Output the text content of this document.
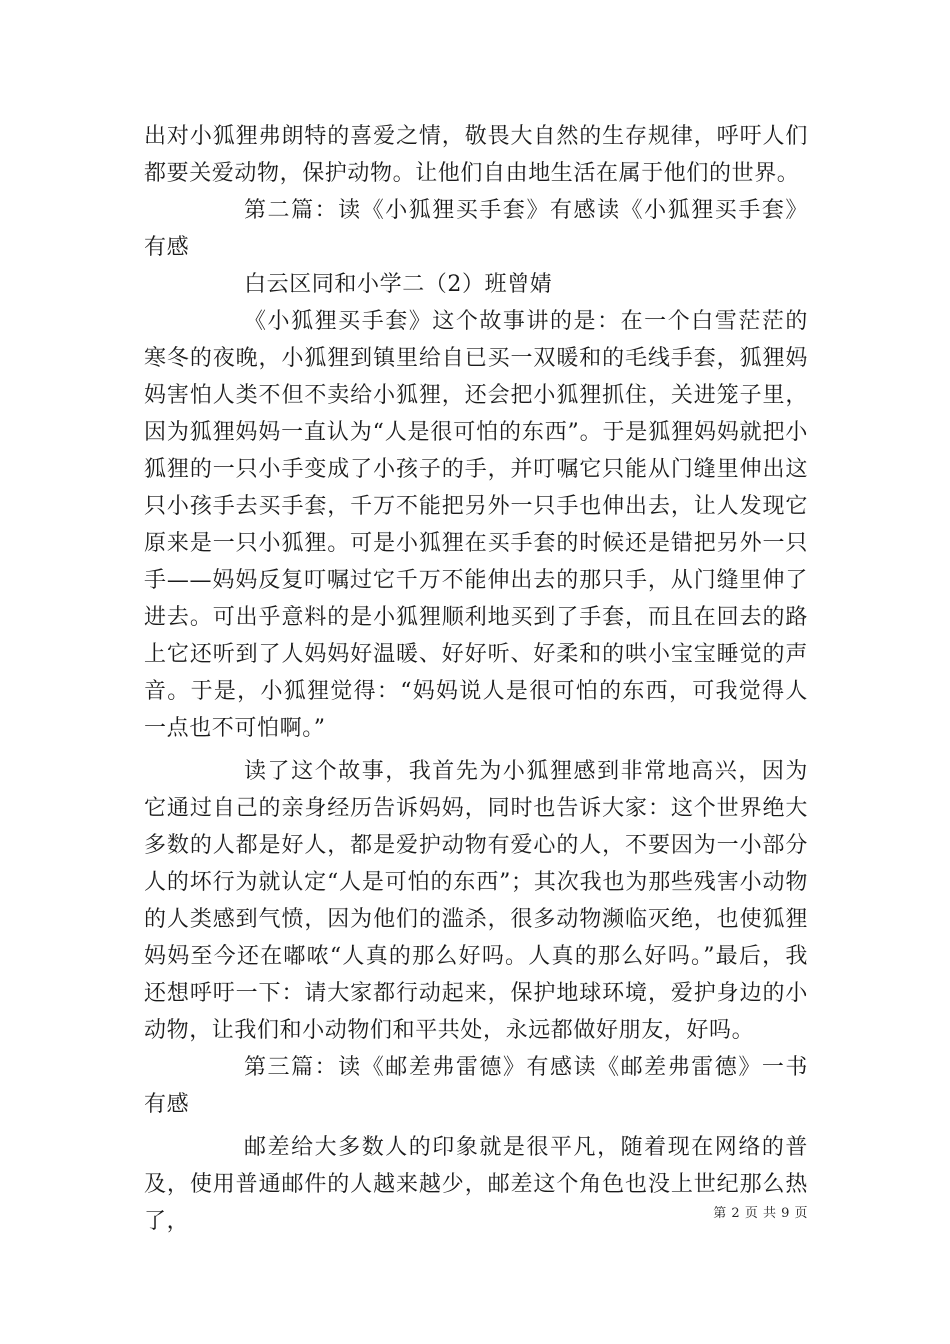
出对小狐狸弗朗特的喜爱之情，敬畏大自然的生存规律，呼吁人们都要关爱动物，保护动物。让他们自由地生活在属于他们的世界。

第二篇：读《小狐狸买手套》有感读《小狐狸买手套》有感

白云区同和小学二（2）班曾婧

《小狐狸买手套》这个故事讲的是：在一个白雪茫茫的寒冬的夜晚，小狐狸到镇里给自已买一双暖和的毛线手套，狐狸妈妈害怕人类不但不卖给小狐狸，还会把小狐狸抓住，关进笼子里，因为狐狸妈妈一直认为“人是很可怕的东西”。于是狐狸妈妈就把小狐狸的一只小手变成了小孩子的手，并叮嘱它只能从门缝里伸出这只小孩手去买手套，千万不能把另外一只手也伸出去，让人发现它原来是一只小狐狸。可是小狐狸在买手套的时候还是错把另外一只手——妈妈反复叮嘱过它千万不能伸出去的那只手，从门缝里伸了进去。可出乎意料的是小狐狸顺利地买到了手套，而且在回去的路上它还听到了人妈妈好温暖、好好听、好柔和的哄小宝宝睡觉的声音。于是，小狐狸觉得：“妈妈说人是很可怕的东西，可我觉得人一点也不可怕啊。”

读了这个故事，我首先为小狐狸感到非常地高兴，因为它通过自己的亲身经历告诉妈妈，同时也告诉大家：这个世界绝大多数的人都是好人，都是爱护动物有爱心的人，不要因为一小部分人的坏行为就认定“人是可怕的东西”；其次我也为那些残害小动物的人类感到气愤，因为他们的滥杀，很多动物濒临灭绝，也使狐狸妈妈至今还在嘟哝“人真的那么好吗。人真的那么好吗。”最后，我还想呼吁一下：请大家都行动起来，保护地球环境，爱护身边的小动物，让我们和小动物们和平共处，永远都做好朋友，好吗。

第三篇：读《邮差弗雷德》有感读《邮差弗雷德》一书有感

邮差给大多数人的印象就是很平凡，随着现在网络的普及，使用普通邮件的人越来越少，邮差这个角色也没上世纪那么热了，	第 2 页 共 9 页
